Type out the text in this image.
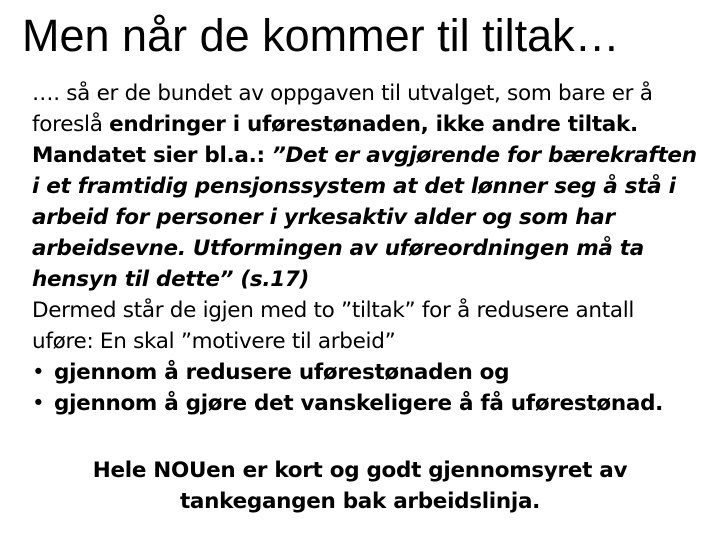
Men når de kommer til tiltak…
…. så er de bundet av oppgaven til utvalget, som bare er å
foreslå endringer i uførestønaden, ikke andre tiltak.
Mandatet sier bl.a.: ”Det er avgjørende for bærekraften
i et framtidig pensjonssystem at det lønner seg å stå i
arbeid for personer i yrkesaktiv alder og som har
arbeidsevne. Utformingen av uføreordningen må ta
hensyn til dette” (s.17)
Dermed står de igjen med to ”tiltak” for å redusere antall
uføre: En skal ”motivere til arbeid”
• gjennom å redusere uførestønaden og
• gjennom å gjøre det vanskeligere å få uførestønad.
Hele NOUen er kort og godt gjennomsyret av
tankegangen bak arbeidslinja.
